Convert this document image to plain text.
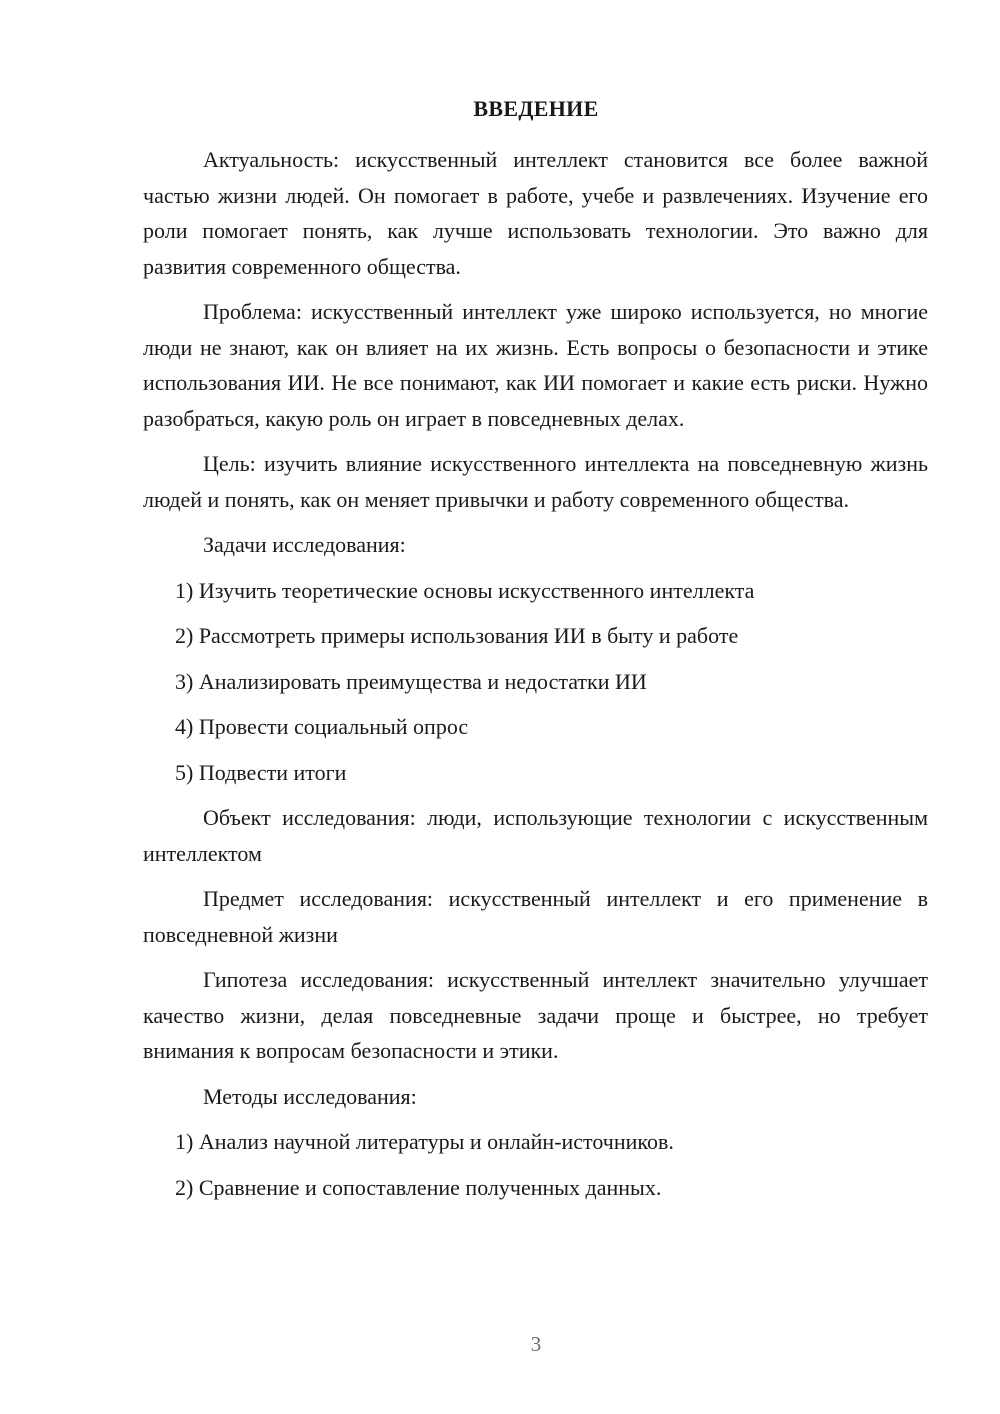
ВВЕДЕНИЕ

Актуальность: искусственный интеллект становится все более важной частью жизни людей. Он помогает в работе, учебе и развлечениях. Изучение его роли помогает понять, как лучше использовать технологии. Это важно для развития современного общества.

Проблема: искусственный интеллект уже широко используется, но многие люди не знают, как он влияет на их жизнь. Есть вопросы о безопасности и этике использования ИИ. Не все понимают, как ИИ помогает и какие есть риски. Нужно разобраться, какую роль он играет в повседневных делах.

Цель: изучить влияние искусственного интеллекта на повседневную жизнь людей и понять, как он меняет привычки и работу современного общества.

Задачи исследования:

1) Изучить теоретические основы искусственного интеллекта
2) Рассмотреть примеры использования ИИ в быту и работе
3) Анализировать преимущества и недостатки ИИ
4) Провести социальный опрос
5) Подвести итоги

Объект исследования: люди, использующие технологии с искусственным интеллектом

Предмет исследования: искусственный интеллект и его применение в повседневной жизни

Гипотеза исследования: искусственный интеллект значительно улучшает качество жизни, делая повседневные задачи проще и быстрее, но требует внимания к вопросам безопасности и этики.

Методы исследования:

1) Анализ научной литературы и онлайн-источников.
2) Сравнение и сопоставление полученных данных.
3
